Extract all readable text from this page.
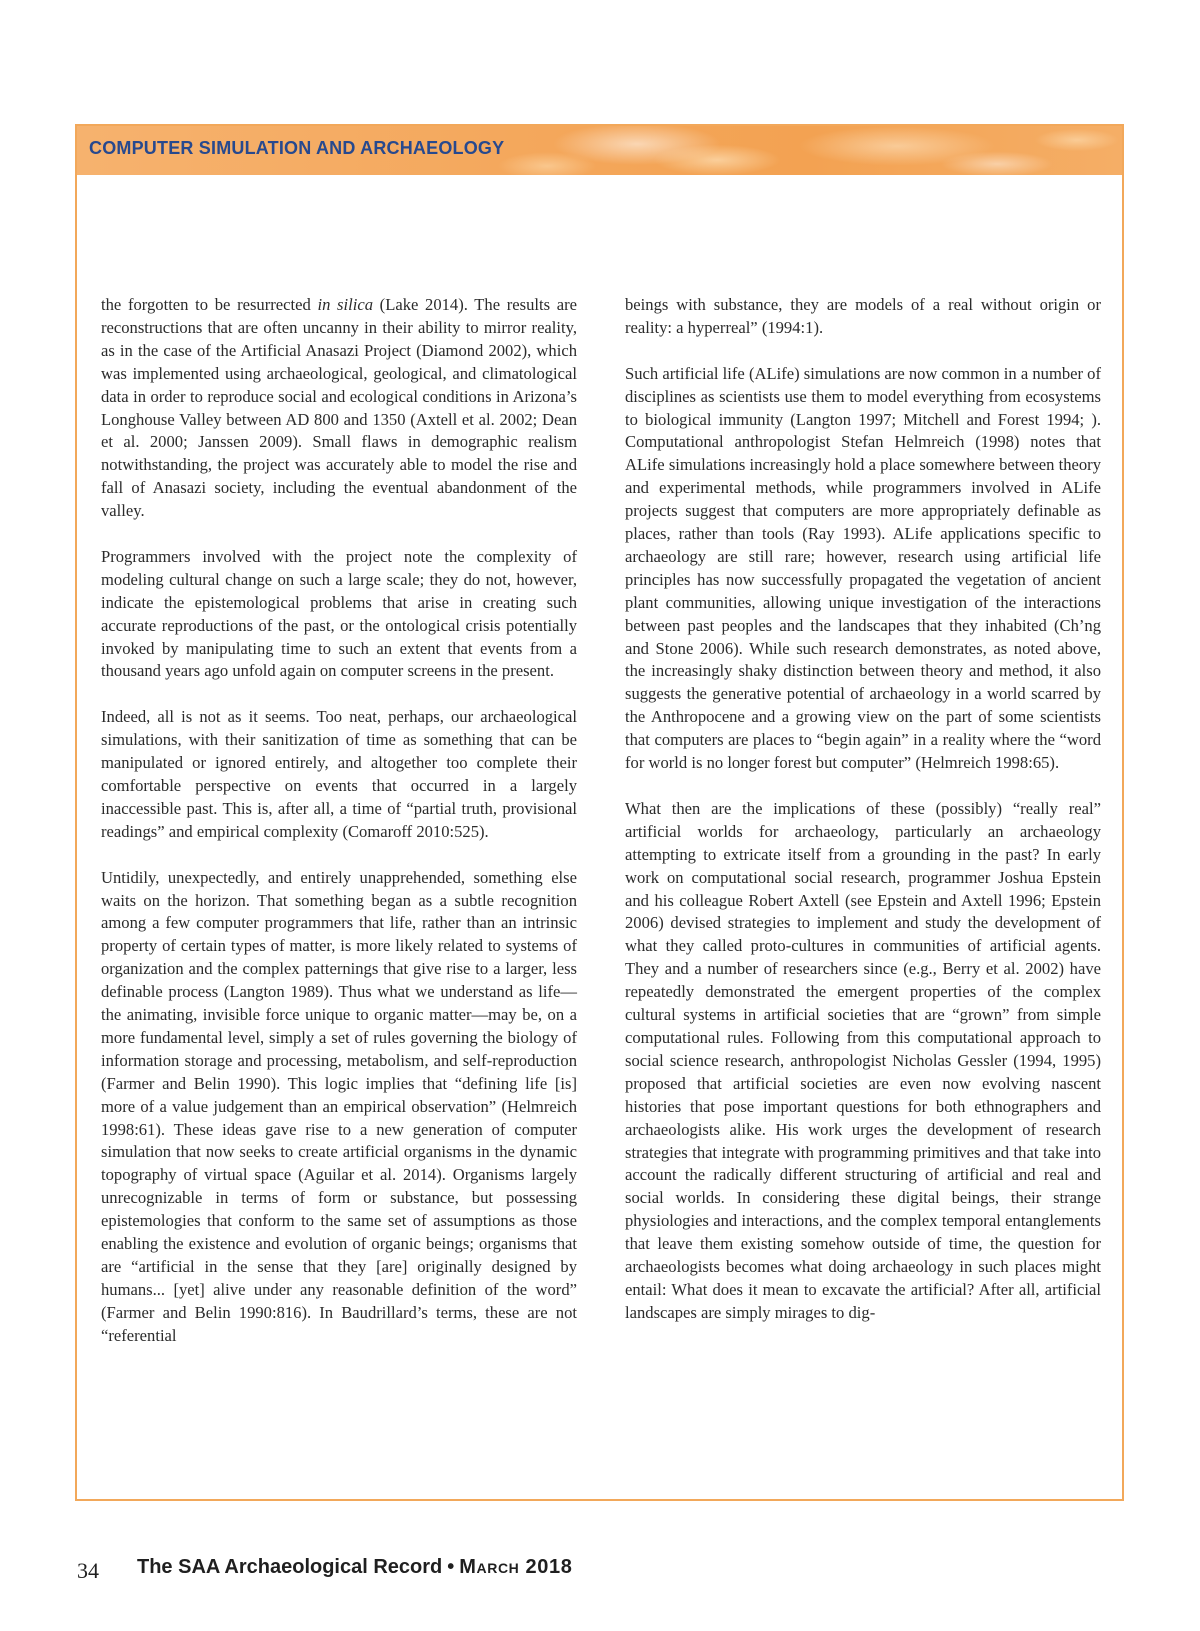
COMPUTER SIMULATION AND ARCHAEOLOGY

the forgotten to be resurrected in silica (Lake 2014). The results are reconstructions that are often uncanny in their ability to mirror reality, as in the case of the Artificial Anasazi Project (Diamond 2002), which was implemented using archaeological, geological, and climatological data in order to reproduce social and ecological conditions in Arizona’s Longhouse Valley between AD 800 and 1350 (Axtell et al. 2002; Dean et al. 2000; Janssen 2009). Small flaws in demographic realism notwithstanding, the project was accurately able to model the rise and fall of Anasazi society, including the eventual abandonment of the valley.

Programmers involved with the project note the complexity of modeling cultural change on such a large scale; they do not, however, indicate the epistemological problems that arise in creating such accurate reproductions of the past, or the ontological crisis potentially invoked by manipulating time to such an extent that events from a thousand years ago unfold again on computer screens in the present.

Indeed, all is not as it seems. Too neat, perhaps, our archaeological simulations, with their sanitization of time as something that can be manipulated or ignored entirely, and altogether too complete their comfortable perspective on events that occurred in a largely inaccessible past. This is, after all, a time of “partial truth, provisional readings” and empirical complexity (Comaroff 2010:525).

Untidily, unexpectedly, and entirely unapprehended, something else waits on the horizon. That something began as a subtle recognition among a few computer programmers that life, rather than an intrinsic property of certain types of matter, is more likely related to systems of organization and the complex patternings that give rise to a larger, less definable process (Langton 1989). Thus what we understand as life—the animating, invisible force unique to organic matter—may be, on a more fundamental level, simply a set of rules governing the biology of information storage and processing, metabolism, and self-reproduction (Farmer and Belin 1990). This logic implies that “defining life [is] more of a value judgement than an empirical observation” (Helmreich 1998:61). These ideas gave rise to a new generation of computer simulation that now seeks to create artificial organisms in the dynamic topography of virtual space (Aguilar et al. 2014). Organisms largely unrecognizable in terms of form or substance, but possessing epistemologies that conform to the same set of assumptions as those enabling the existence and evolution of organic beings; organisms that are “artificial in the sense that they [are] originally designed by humans... [yet] alive under any reasonable definition of the word” (Farmer and Belin 1990:816). In Baudrillard’s terms, these are not “referential

beings with substance, they are models of a real without origin or reality: a hyperreal” (1994:1).

Such artificial life (ALife) simulations are now common in a number of disciplines as scientists use them to model everything from ecosystems to biological immunity (Langton 1997; Mitchell and Forest 1994; ). Computational anthropologist Stefan Helmreich (1998) notes that ALife simulations increasingly hold a place somewhere between theory and experimental methods, while programmers involved in ALife projects suggest that computers are more appropriately definable as places, rather than tools (Ray 1993). ALife applications specific to archaeology are still rare; however, research using artificial life principles has now successfully propagated the vegetation of ancient plant communities, allowing unique investigation of the interactions between past peoples and the landscapes that they inhabited (Ch’ng and Stone 2006). While such research demonstrates, as noted above, the increasingly shaky distinction between theory and method, it also suggests the generative potential of archaeology in a world scarred by the Anthropocene and a growing view on the part of some scientists that computers are places to “begin again” in a reality where the “word for world is no longer forest but computer” (Helmreich 1998:65).

What then are the implications of these (possibly) “really real” artificial worlds for archaeology, particularly an archaeology attempting to extricate itself from a grounding in the past? In early work on computational social research, programmer Joshua Epstein and his colleague Robert Axtell (see Epstein and Axtell 1996; Epstein 2006) devised strategies to implement and study the development of what they called proto-cultures in communities of artificial agents. They and a number of researchers since (e.g., Berry et al. 2002) have repeatedly demonstrated the emergent properties of the complex cultural systems in artificial societies that are “grown” from simple computational rules. Following from this computational approach to social science research, anthropologist Nicholas Gessler (1994, 1995) proposed that artificial societies are even now evolving nascent histories that pose important questions for both ethnographers and archaeologists alike. His work urges the development of research strategies that integrate with programming primitives and that take into account the radically different structuring of artificial and real and social worlds. In considering these digital beings, their strange physiologies and interactions, and the complex temporal entanglements that leave them existing somehow outside of time, the question for archaeologists becomes what doing archaeology in such places might entail: What does it mean to excavate the artificial? After all, artificial landscapes are simply mirages to dig-

34 The SAA Archaeological Record • March 2018
